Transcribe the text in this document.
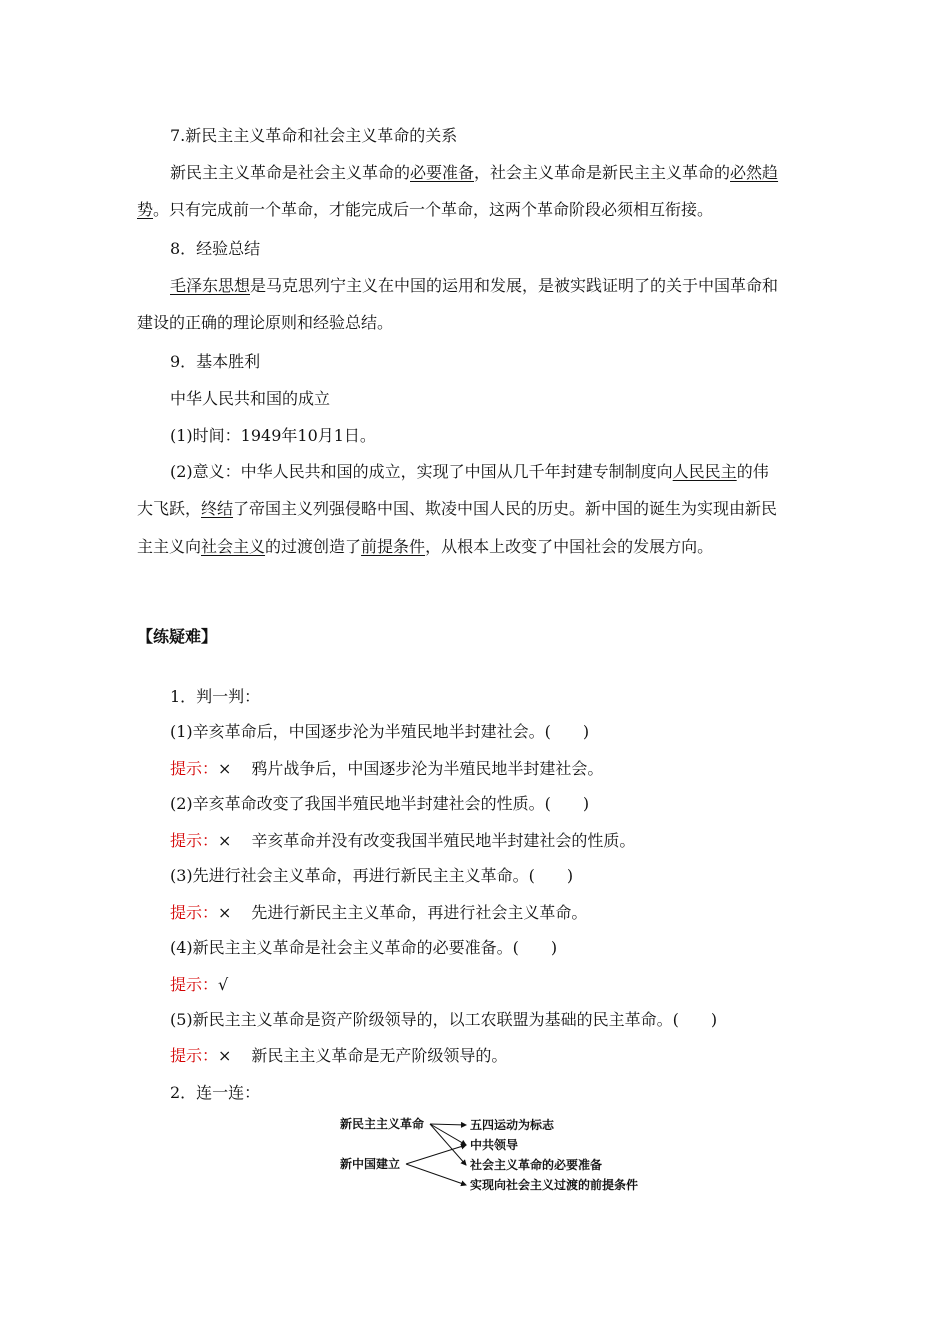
7.新民主主义革命和社会主义革命的关系
新民主主义革命是社会主义革命的必要准备，社会主义革命是新民主主义革命的必然趋
势。只有完成前一个革命，才能完成后一个革命，这两个革命阶段必须相互衔接。
8．经验总结
毛泽东思想是马克思列宁主义在中国的运用和发展，是被实践证明了的关于中国革命和
建设的正确的理论原则和经验总结。
9．基本胜利
中华人民共和国的成立
(1)时间：1949年10月1日。
(2)意义：中华人民共和国的成立，实现了中国从几千年封建专制制度向人民民主的伟
大飞跃，终结了帝国主义列强侵略中国、欺凌中国人民的历史。新中国的诞生为实现由新民
主主义向社会主义的过渡创造了前提条件，从根本上改变了中国社会的发展方向。
【练疑难】
1．判一判：
(1)辛亥革命后，中国逐步沦为半殖民地半封建社会。(　　)
提示：× 鸦片战争后，中国逐步沦为半殖民地半封建社会。
(2)辛亥革命改变了我国半殖民地半封建社会的性质。(　　)
提示：× 辛亥革命并没有改变我国半殖民地半封建社会的性质。
(3)先进行社会主义革命，再进行新民主主义革命。(　　)
提示：× 先进行新民主主义革命，再进行社会主义革命。
(4)新民主主义革命是社会主义革命的必要准备。(　　)
提示：√
(5)新民主主义革命是资产阶级领导的，以工农联盟为基础的民主革命。(　　)
提示：× 新民主主义革命是无产阶级领导的。
2．连一连：
新民主主义革命
新中国建立
五四运动为标志
中共领导
社会主义革命的必要准备
实现向社会主义过渡的前提条件
